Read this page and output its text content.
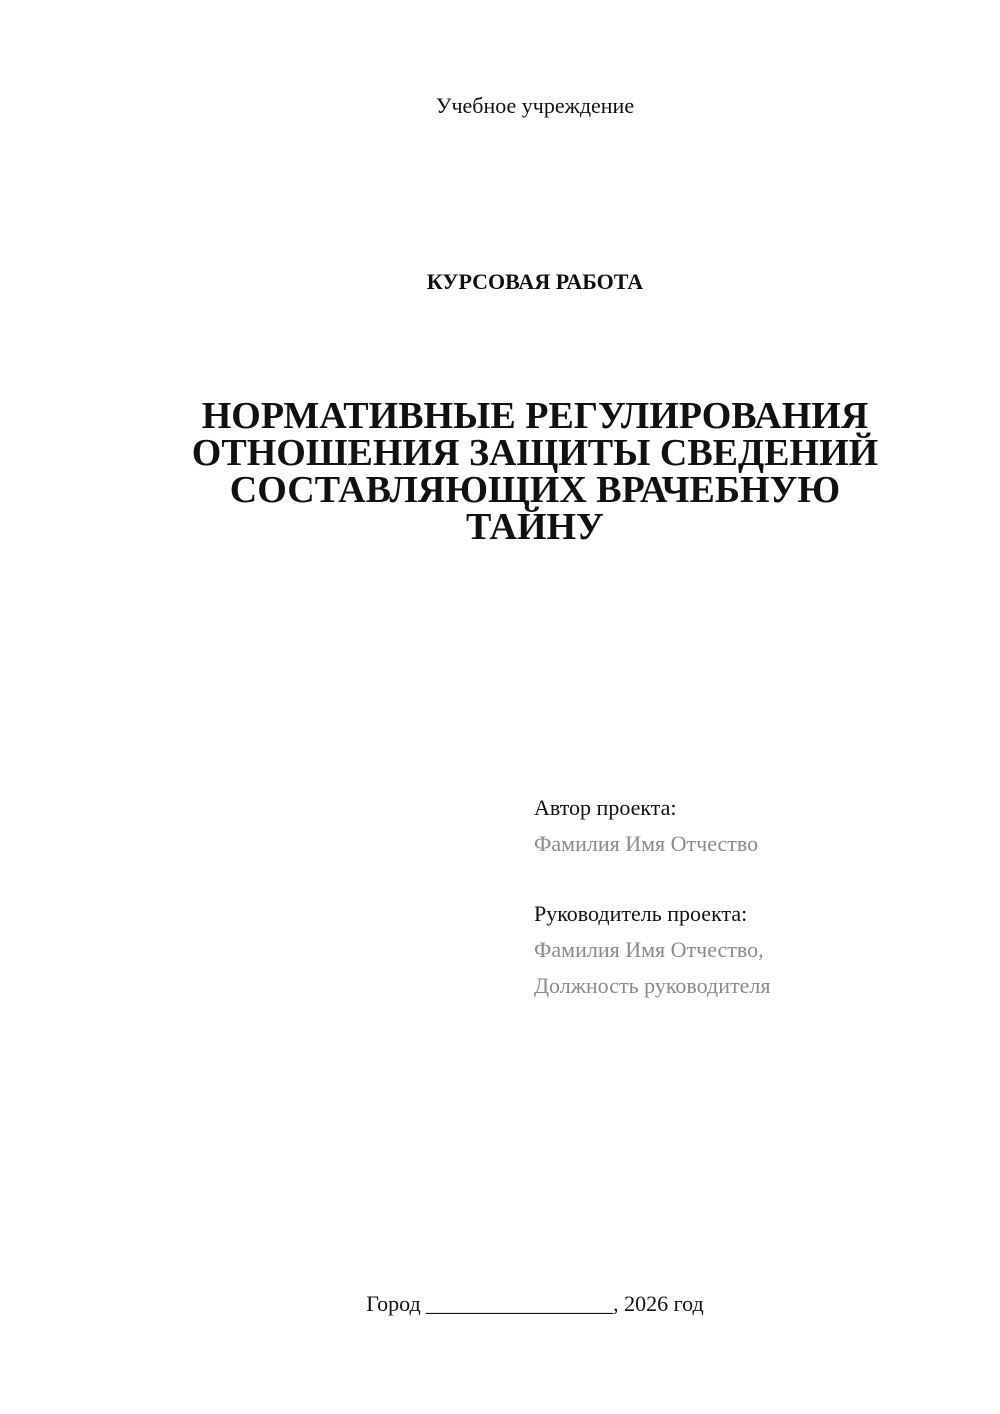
Учебное учреждение
КУРСОВАЯ РАБОТА
НОРМАТИВНЫЕ РЕГУЛИРОВАНИЯ
ОТНОШЕНИЯ ЗАЩИТЫ СВЕДЕНИЙ
СОСТАВЛЯЮЩИХ ВРАЧЕБНУЮ
ТАЙНУ
Автор проекта:
Фамилия Имя Отчество
Руководитель проекта:
Фамилия Имя Отчество,
Должность руководителя
Город _________________, 2026 год
